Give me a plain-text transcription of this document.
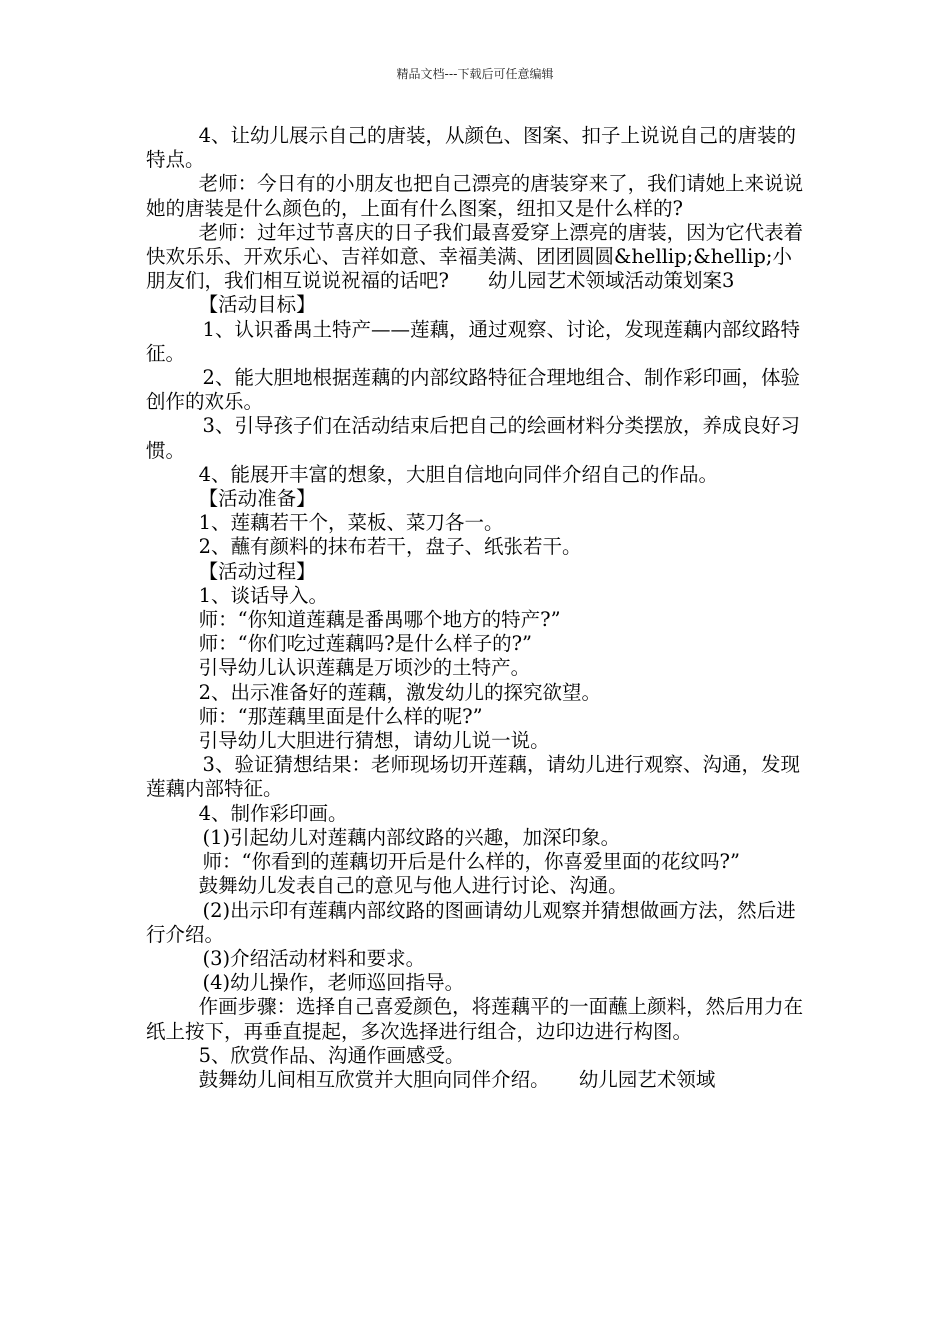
精品文档---下载后可任意编辑

4、让幼儿展示自己的唐装，从颜色、图案、扣子上说说自己的唐装的特点。

老师：今日有的小朋友也把自己漂亮的唐装穿来了，我们请她上来说说她的唐装是什么颜色的，上面有什么图案，纽扣又是什么样的?

老师：过年过节喜庆的日子我们最喜爱穿上漂亮的唐装，因为它代表着快欢乐乐、开欢乐心、吉祥如意、幸福美满、团团圆圆&hellip;&hellip;小朋友们，我们相互说说祝福的话吧?　　幼儿园艺术领域活动策划案3

【活动目标】

1、认识番禺土特产——莲藕，通过观察、讨论，发现莲藕内部纹路特征。

2、能大胆地根据莲藕的内部纹路特征合理地组合、制作彩印画，体验创作的欢乐。

3、引导孩子们在活动结束后把自己的绘画材料分类摆放，养成良好习惯。

4、能展开丰富的想象，大胆自信地向同伴介绍自己的作品。

【活动准备】

1、莲藕若干个，菜板、菜刀各一。

2、蘸有颜料的抹布若干，盘子、纸张若干。

【活动过程】

1、谈话导入。

师：“你知道莲藕是番禺哪个地方的特产?”

师：“你们吃过莲藕吗?是什么样子的?”

引导幼儿认识莲藕是万顷沙的土特产。

2、出示准备好的莲藕，激发幼儿的探究欲望。

师：“那莲藕里面是什么样的呢?”

引导幼儿大胆进行猜想，请幼儿说一说。

3、验证猜想结果：老师现场切开莲藕，请幼儿进行观察、沟通，发现莲藕内部特征。

4、制作彩印画。

(1)引起幼儿对莲藕内部纹路的兴趣，加深印象。

师：“你看到的莲藕切开后是什么样的，你喜爱里面的花纹吗?”

鼓舞幼儿发表自己的意见与他人进行讨论、沟通。

(2)出示印有莲藕内部纹路的图画请幼儿观察并猜想做画方法，然后进行介绍。

(3)介绍活动材料和要求。

(4)幼儿操作，老师巡回指导。

作画步骤：选择自己喜爱颜色，将莲藕平的一面蘸上颜料，然后用力在纸上按下，再垂直提起，多次选择进行组合，边印边进行构图。

5、欣赏作品、沟通作画感受。

鼓舞幼儿间相互欣赏并大胆向同伴介绍。　　幼儿园艺术领域
